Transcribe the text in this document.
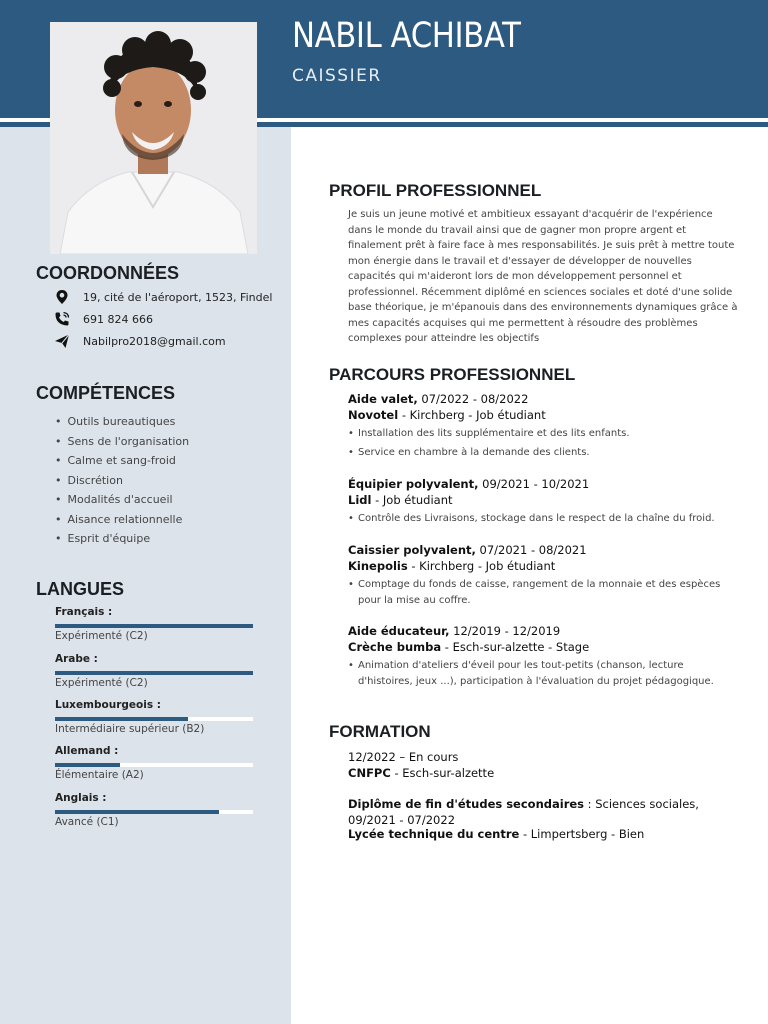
NABIL ACHIBAT
CAISSIER
COORDONNÉES
19, cité de l'aéroport, 1523, Findel
691 824 666
Nabilpro2018@gmail.com
COMPÉTENCES
• Outils bureautiques
• Sens de l'organisation
• Calme et sang-froid
• Discrétion
• Modalités d'accueil
• Aisance relationnelle
• Esprit d'équipe
LANGUES
Français :
Expérimenté (C2)
Arabe :
Expérimenté (C2)
Luxembourgeois :
Intermédiaire supérieur (B2)
Allemand :
Élémentaire (A2)
Anglais :
Avancé (C1)
PROFIL PROFESSIONNEL
Je suis un jeune motivé et ambitieux essayant d'acquérir de l'expérience dans le monde du travail ainsi que de gagner mon propre argent et finalement prêt à faire face à mes responsabilités. Je suis prêt à mettre toute mon énergie dans le travail et d'essayer de développer de nouvelles capacités qui m'aideront lors de mon développement personnel et professionnel. Récemment diplômé en sciences sociales et doté d'une solide base théorique, je m'épanouis dans des environnements dynamiques grâce à mes capacités acquises qui me permettent à résoudre des problèmes complexes pour atteindre les objectifs
PARCOURS PROFESSIONNEL
Aide valet, 07/2022 - 08/2022
Novotel - Kirchberg - Job étudiant
• Installation des lits supplémentaire et des lits enfants.
• Service en chambre à la demande des clients.
Équipier polyvalent, 09/2021 - 10/2021
Lidl - Job étudiant
• Contrôle des Livraisons, stockage dans le respect de la chaîne du froid.
Caissier polyvalent, 07/2021 - 08/2021
Kinepolis - Kirchberg - Job étudiant
• Comptage du fonds de caisse, rangement de la monnaie et des espèces pour la mise au coffre.
Aide éducateur, 12/2019 - 12/2019
Crèche bumba - Esch-sur-alzette - Stage
• Animation d'ateliers d'éveil pour les tout-petits (chanson, lecture d'histoires, jeux ...), participation à l'évaluation du projet pédagogique.
FORMATION
12/2022 – En cours
CNFPC - Esch-sur-alzette
Diplôme de fin d'études secondaires : Sciences sociales, 09/2021 - 07/2022
Lycée technique du centre - Limpertsberg - Bien
